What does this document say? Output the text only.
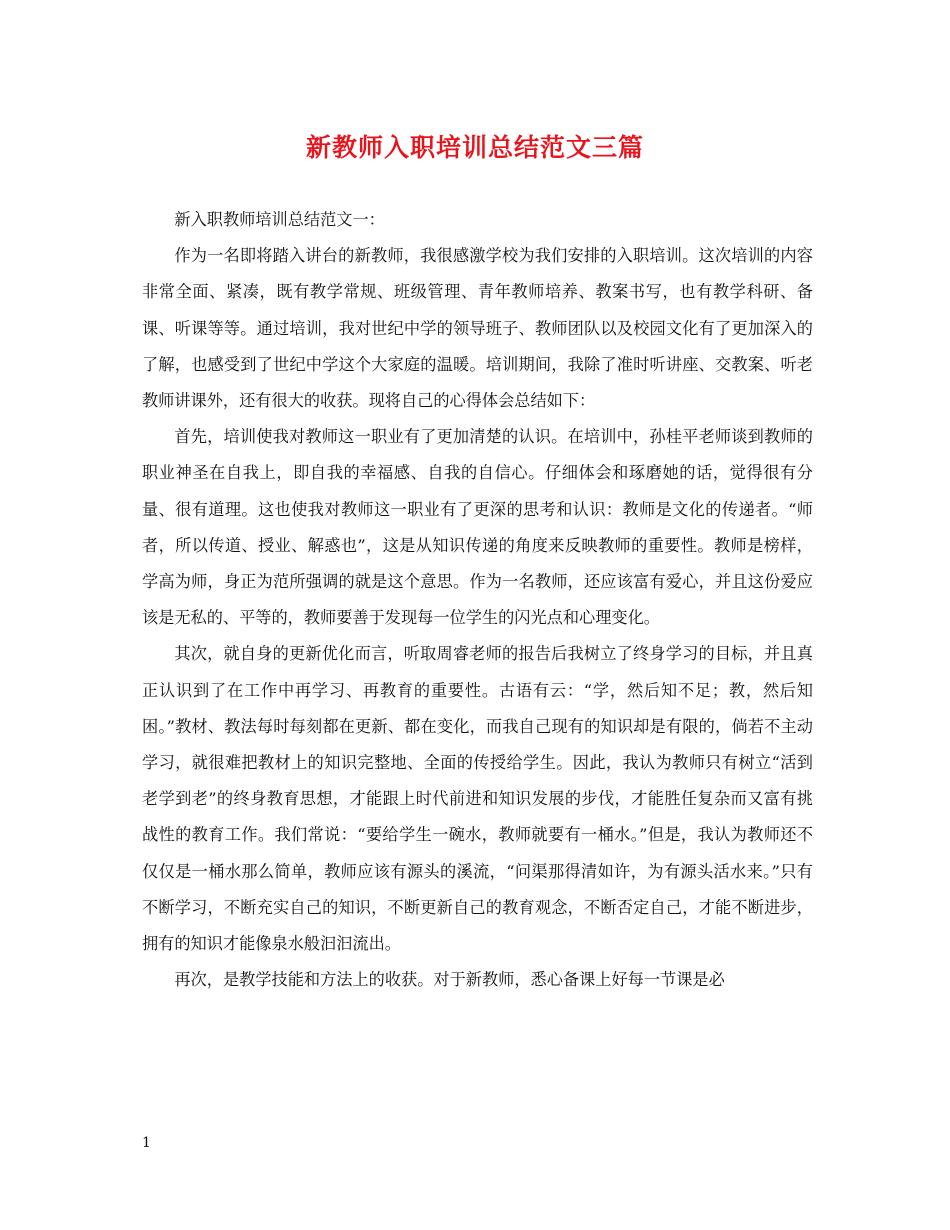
新教师入职培训总结范文三篇

新入职教师培训总结范文一：

作为一名即将踏入讲台的新教师，我很感激学校为我们安排的入职培训。这次培训的内容非常全面、紧凑，既有教学常规、班级管理、青年教师培养、教案书写，也有教学科研、备课、听课等等。通过培训，我对世纪中学的领导班子、教师团队以及校园文化有了更加深入的了解，也感受到了世纪中学这个大家庭的温暖。培训期间，我除了准时听讲座、交教案、听老教师讲课外，还有很大的收获。现将自己的心得体会总结如下：

首先，培训使我对教师这一职业有了更加清楚的认识。在培训中，孙桂平老师谈到教师的职业神圣在自我上，即自我的幸福感、自我的自信心。仔细体会和琢磨她的话，觉得很有分量、很有道理。这也使我对教师这一职业有了更深的思考和认识：教师是文化的传递者。“师者，所以传道、授业、解惑也”，这是从知识传递的角度来反映教师的重要性。教师是榜样，学高为师，身正为范所强调的就是这个意思。作为一名教师，还应该富有爱心，并且这份爱应该是无私的、平等的，教师要善于发现每一位学生的闪光点和心理变化。

其次，就自身的更新优化而言，听取周睿老师的报告后我树立了终身学习的目标，并且真正认识到了在工作中再学习、再教育的重要性。古语有云：“学，然后知不足；教，然后知困。”教材、教法每时每刻都在更新、都在变化，而我自己现有的知识却是有限的，倘若不主动学习，就很难把教材上的知识完整地、全面的传授给学生。因此，我认为教师只有树立“活到老学到老”的终身教育思想，才能跟上时代前进和知识发展的步伐，才能胜任复杂而又富有挑战性的教育工作。我们常说：“要给学生一碗水，教师就要有一桶水。”但是，我认为教师还不仅仅是一桶水那么简单，教师应该有源头的溪流，“问渠那得清如许，为有源头活水来。”只有不断学习，不断充实自己的知识，不断更新自己的教育观念，不断否定自己，才能不断进步，拥有的知识才能像泉水般汩汩流出。

再次，是教学技能和方法上的收获。对于新教师，悉心备课上好每一节课是必

1
